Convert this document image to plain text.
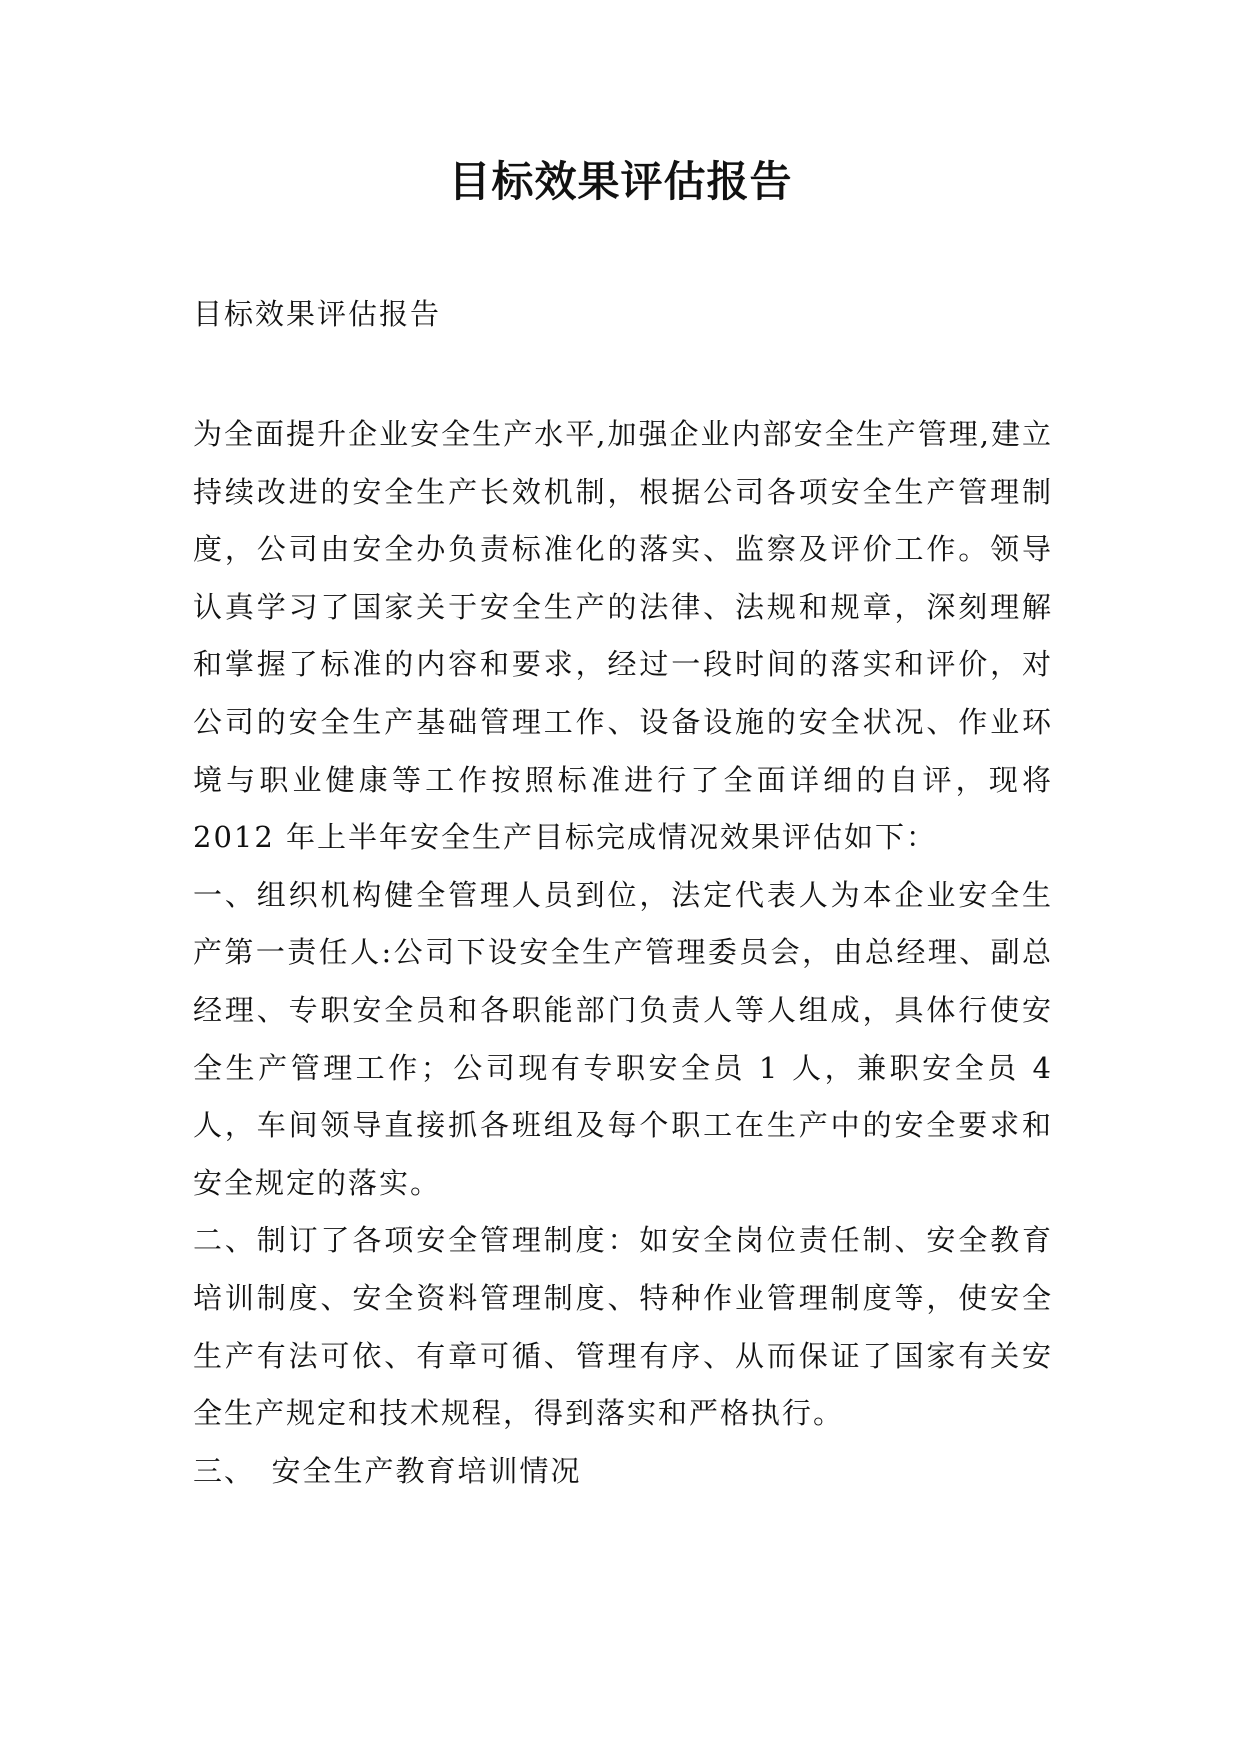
目标效果评估报告

目标效果评估报告

为全面提升企业安全生产水平,加强企业内部安全生产管理,建立持续改进的安全生产长效机制，根据公司各项安全生产管理制度，公司由安全办负责标准化的落实、监察及评价工作。领导认真学习了国家关于安全生产的法律、法规和规章，深刻理解和掌握了标准的内容和要求，经过一段时间的落实和评价，对公司的安全生产基础管理工作、设备设施的安全状况、作业环境与职业健康等工作按照标准进行了全面详细的自评，现将 2012 年上半年安全生产目标完成情况效果评估如下：

一、组织机构健全管理人员到位，法定代表人为本企业安全生产第一责任人:公司下设安全生产管理委员会，由总经理、副总经理、专职安全员和各职能部门负责人等人组成，具体行使安全生产管理工作；公司现有专职安全员 1 人，兼职安全员 4 人，车间领导直接抓各班组及每个职工在生产中的安全要求和安全规定的落实。

二、制订了各项安全管理制度：如安全岗位责任制、安全教育培训制度、安全资料管理制度、特种作业管理制度等，使安全生产有法可依、有章可循、管理有序、从而保证了国家有关安全生产规定和技术规程，得到落实和严格执行。

三、　安全生产教育培训情况
